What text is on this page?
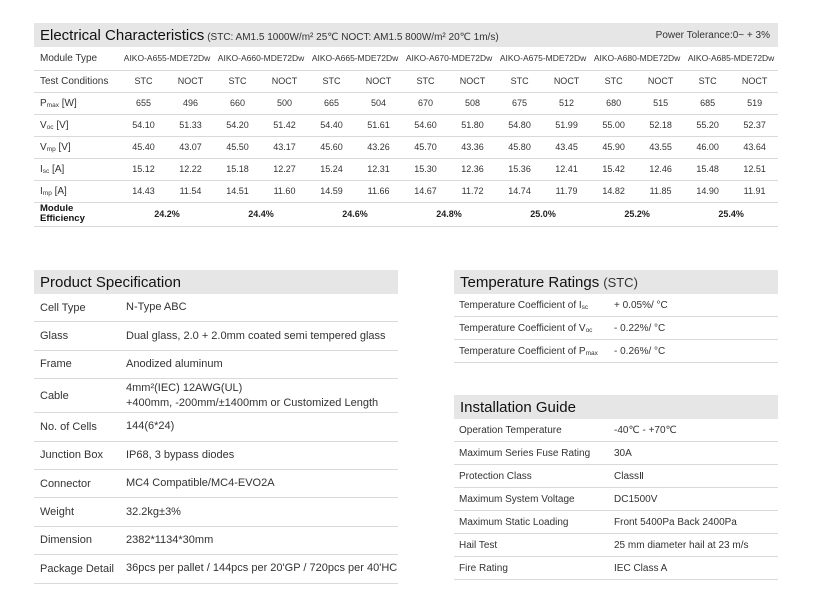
Electrical Characteristics (STC: AM1.5 1000W/m² 25℃ NOCT: AM1.5 800W/m² 20℃ 1m/s)	Power Tolerance:0~ + 3%
Module Type	AIKO-A655-MDE72Dw		AIKO-A660-MDE72Dw		AIKO-A665-MDE72Dw		AIKO-A670-MDE72Dw		AIKO-A675-MDE72Dw		AIKO-A680-MDE72Dw		AIKO-A685-MDE72Dw	
Test Conditions	STC	NOCT	STC	NOCT	STC	NOCT	STC	NOCT	STC	NOCT	STC	NOCT	STC	NOCT
$P_{max}$ [W]	655	496	660	500	665	504	670	508	675	512	680	515	685	519
$V_{oc}$ [V]	54.10	51.33	54.20	51.42	54.40	51.61	54.60	51.80	54.80	51.99	55.00	52.18	55.20	52.37
$V_{mp}$ [V]	45.40	43.07	45.50	43.17	45.60	43.26	45.70	43.36	45.80	43.45	45.90	43.55	46.00	43.64
$I_{sc}$ [A]	15.12	12.22	15.18	12.27	15.24	12.31	15.30	12.36	15.36	12.41	15.42	12.46	15.48	12.51
$I_{mp}$ [A]	14.43	11.54	14.51	11.60	14.59	11.66	14.67	11.72	14.74	11.79	14.82	11.85	14.90	11.91
Module Efficiency	24.2%		24.4%		24.6%		24.8%		25.0%		25.2%		25.4%	
Product Specification
Cell Type	N-Type ABC
Glass	Dual glass, 2.0 + 2.0mm coated semi tempered glass
Frame	Anodized aluminum
Cable
4mm²(IEC) 12AWG(UL)
+400mm, -200mm/±1400mm or Customized Length
No. of Cells	144(6*24)
Junction Box	IP68, 3 bypass diodes
Connector	MC4 Compatible/MC4-EVO2A
Weight	32.2kg±3%
Dimension	2382*1134*30mm
Package Detail	36pcs per pallet / 144pcs per 20'GP / 720pcs per 40'HC
Temperature Ratings (STC)
Temperature Coefficient of $I_{sc}$	+ 0.05%/ °C
Temperature Coefficient of $V_{oc}$	- 0.22%/ °C
Temperature Coefficient of $P_{max}$	- 0.26%/ °C
Installation Guide
Operation Temperature	-40℃ - +70℃
Maximum Series Fuse Rating	30A
Protection Class	ClassⅡ
Maximum System Voltage	DC1500V
Maximum Static Loading	Front 5400Pa Back 2400Pa
Hail Test	25 mm diameter hail at 23 m/s
Fire Rating	IEC Class A
